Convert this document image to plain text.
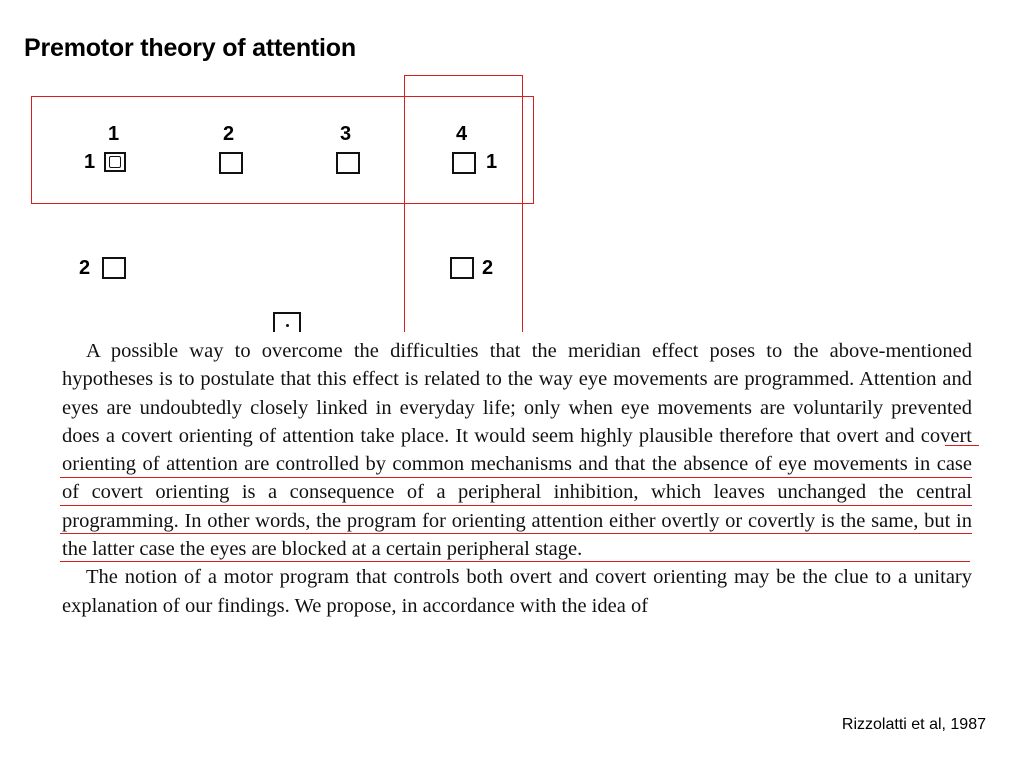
Premotor theory of attention
1	2	3	4
1	1
2	2

A possible way to overcome the difficulties that the meridian effect poses to the above-mentioned hypotheses is to postulate that this effect is related to the way eye movements are programmed. Attention and eyes are undoubtedly closely linked in everyday life; only when eye movements are voluntarily prevented does a covert orienting of attention take place. It would seem highly plausible therefore that overt and covert orienting of attention are controlled by common mechanisms and that the absence of eye movements in case of covert orienting is a consequence of a peripheral inhibition, which leaves unchanged the central programming. In other words, the program for orienting attention either overtly or covertly is the same, but in the latter case the eyes are blocked at a certain peripheral stage.

The notion of a motor program that controls both overt and covert orienting may be the clue to a unitary explanation of our findings. We propose, in accordance with the idea of

Rizzolatti et al, 1987
